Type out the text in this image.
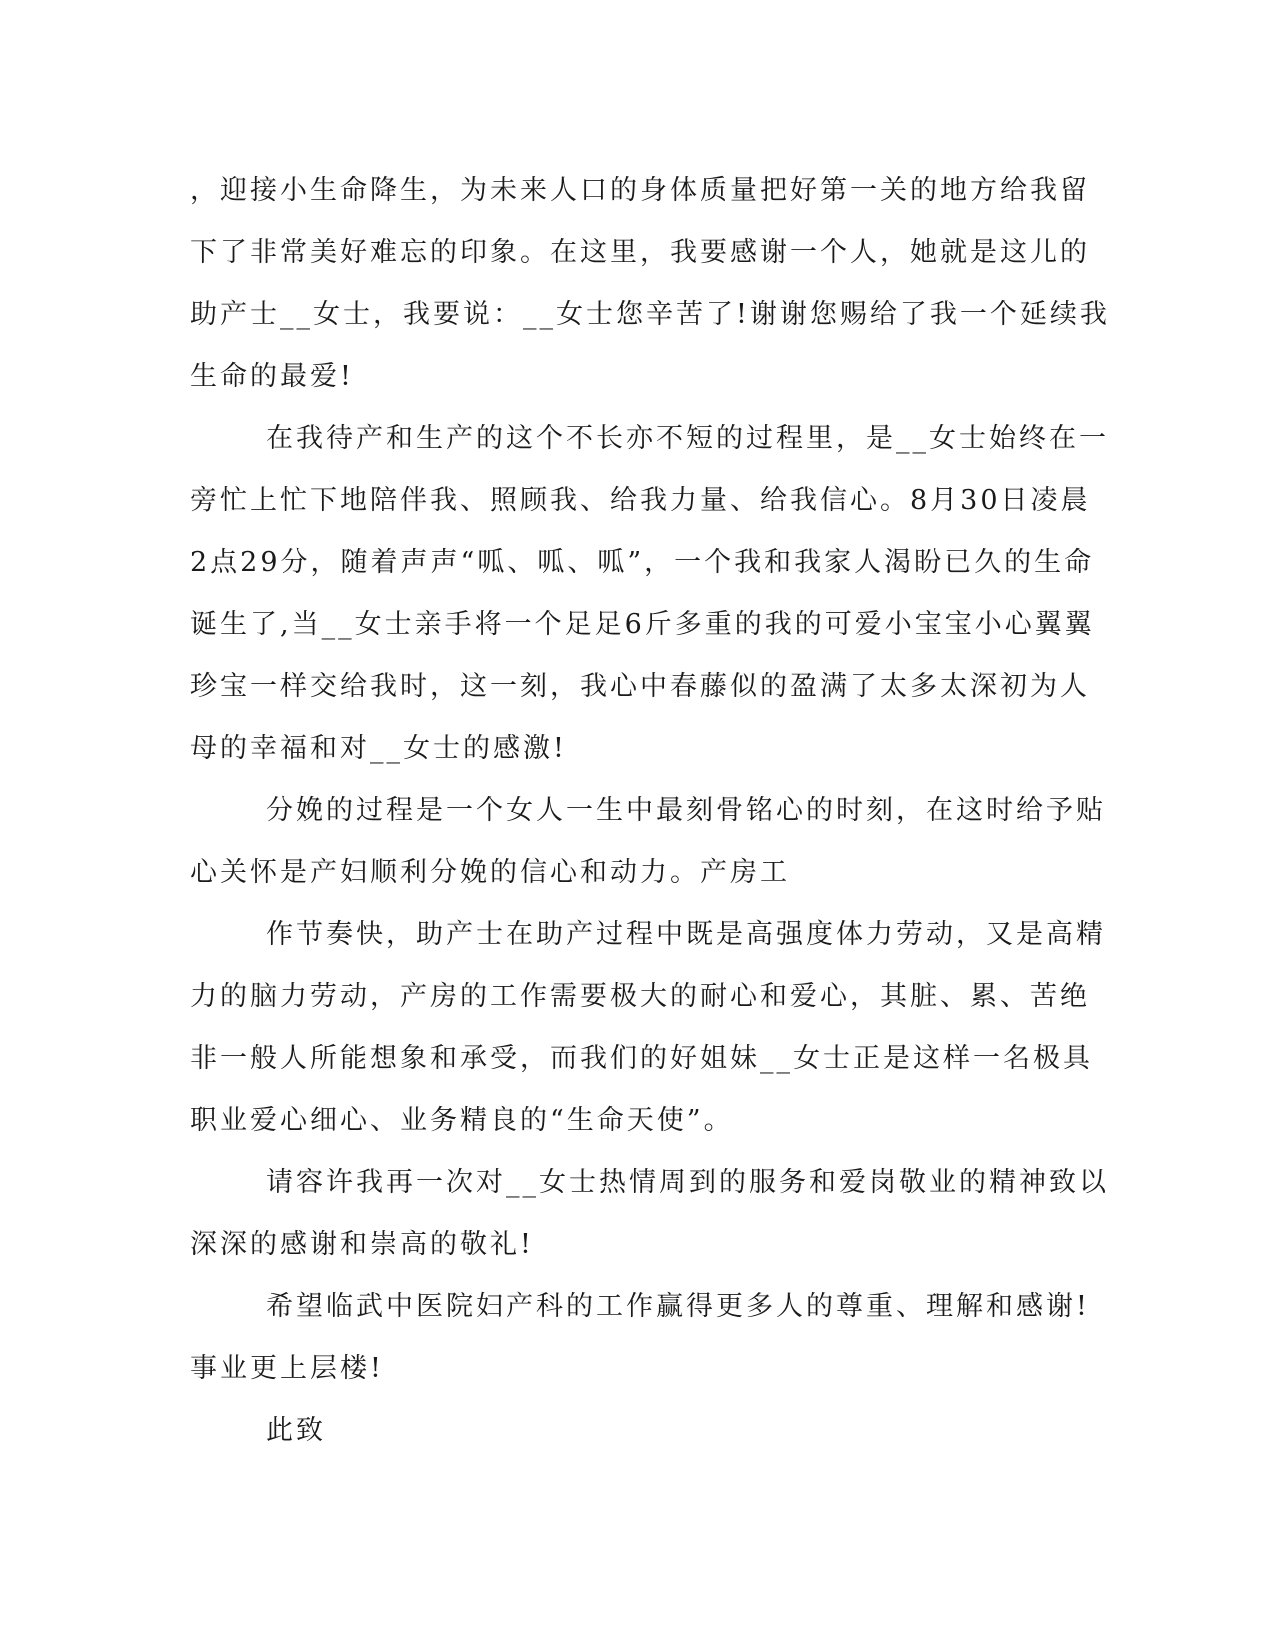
，迎接小生命降生，为未来人口的身体质量把好第一关的地方给我留
下了非常美好难忘的印象。在这里，我要感谢一个人，她就是这儿的
助产士__女士，我要说：__女士您辛苦了!谢谢您赐给了我一个延续我
生命的最爱!

在我待产和生产的这个不长亦不短的过程里，是__女士始终在一
旁忙上忙下地陪伴我、照顾我、给我力量、给我信心。8月30日凌晨
2点29分，随着声声“呱、呱、呱”，一个我和我家人渴盼已久的生命
诞生了,当__女士亲手将一个足足6斤多重的我的可爱小宝宝小心翼翼
珍宝一样交给我时，这一刻，我心中春藤似的盈满了太多太深初为人
母的幸福和对__女士的感激!

分娩的过程是一个女人一生中最刻骨铭心的时刻，在这时给予贴
心关怀是产妇顺利分娩的信心和动力。产房工

作节奏快，助产士在助产过程中既是高强度体力劳动，又是高精
力的脑力劳动，产房的工作需要极大的耐心和爱心，其脏、累、苦绝
非一般人所能想象和承受，而我们的好姐妹__女士正是这样一名极具
职业爱心细心、业务精良的“生命天使”。

请容许我再一次对__女士热情周到的服务和爱岗敬业的精神致以
深深的感谢和崇高的敬礼!

希望临武中医院妇产科的工作赢得更多人的尊重、理解和感谢!
事业更上层楼!

此致
